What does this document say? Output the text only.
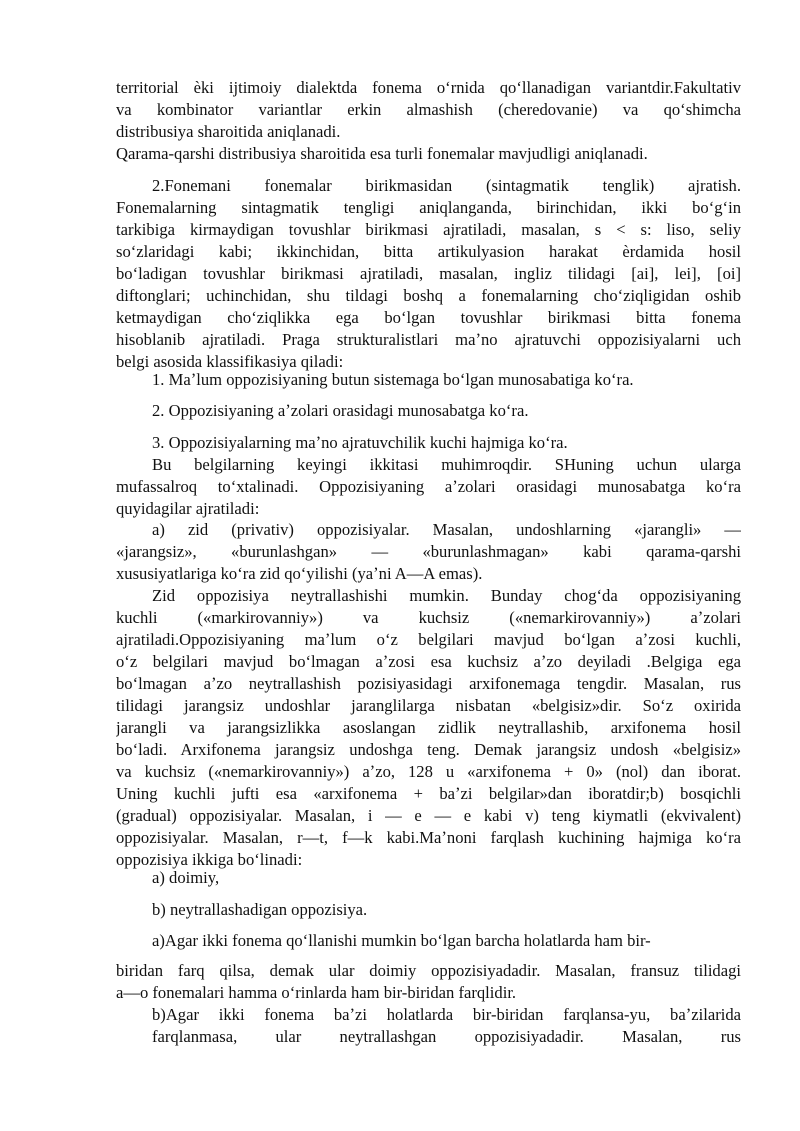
territorial èki ijtimoiy dialektda fonema oʻrnida qoʻllanadigan variantdir.Fakultativ
va kombinator variantlar erkin almashish (cheredovanie) va qoʻshimcha
distribusiya sharoitida aniqlanadi.
Qarama-qarshi distribusiya sharoitida esa turli fonemalar mavjudligi aniqlanadi.
2.Fonemani fonemalar birikmasidan (sintagmatik tenglik) ajratish.
Fonemalarning sintagmatik tengligi aniqlanganda, birinchidan, ikki boʻgʻin
tarkibiga kirmaydigan tovushlar birikmasi ajratiladi, masalan, s < s: liso, seliy
soʻzlaridagi kabi; ikkinchidan, bitta artikulyasion harakat èrdamida hosil
boʻladigan tovushlar birikmasi ajratiladi, masalan, ingliz tilidagi [ai], lei], [oi]
diftonglari; uchinchidan, shu tildagi boshq a fonemalarning choʻziqligidan oshib
ketmaydigan choʻziqlikka ega boʻlgan tovushlar birikmasi bitta fonema
hisoblanib ajratiladi. Praga strukturalistlari maʼno ajratuvchi oppozisiyalarni uch
belgi asosida klassifikasiya qiladi:
1. Maʼlum oppozisiyaning butun sistemaga boʻlgan munosabatiga koʻra.
2. Oppozisiyaning aʼzolari orasidagi munosabatga koʻra.
3. Oppozisiyalarning maʼno ajratuvchilik kuchi hajmiga koʻra.
Bu belgilarning keyingi ikkitasi muhimroqdir. SHuning uchun ularga
mufassalroq toʻxtalinadi. Oppozisiyaning aʼzolari orasidagi munosabatga koʻra
quyidagilar ajratiladi:
a) zid (privativ) oppozisiyalar. Masalan, undoshlarning «jarangli» —
«jarangsiz», «burunlashgan» — «burunlashmagan» kabi qarama-qarshi
xususiyatlariga koʻra zid qoʻyilishi (yaʼni A—A emas).
Zid oppozisiya neytrallashishi mumkin. Bunday chogʻda oppozisiyaning
kuchli («markirovanniy») va kuchsiz («nemarkirovanniy») aʼzolari
ajratiladi.Oppozisiyaning maʼlum oʻz belgilari mavjud boʻlgan aʼzosi kuchli,
oʻz belgilari mavjud boʻlmagan aʼzosi esa kuchsiz aʼzo deyiladi .Belgiga ega
boʻlmagan aʼzo neytrallashish pozisiyasidagi arxifonemaga tengdir. Masalan, rus
tilidagi jarangsiz undoshlar jaranglilarga nisbatan «belgisiz»dir. Soʻz oxirida
jarangli va jarangsizlikka asoslangan zidlik neytrallashib, arxifonema hosil
boʻladi. Arxifonema jarangsiz undoshga teng. Demak jarangsiz undosh «belgisiz»
va kuchsiz («nemarkirovanniy») aʼzo, 128 u «arxifonema + 0» (nol) dan iborat.
Uning kuchli jufti esa «arxifonema + baʼzi belgilar»dan iboratdir;b) bosqichli
(gradual) oppozisiyalar. Masalan, i — e — e kabi v) teng kiymatli (ekvivalent)
oppozisiyalar. Masalan, r—t, f—k kabi.Maʼnoni farqlash kuchining hajmiga koʻra
oppozisiya ikkiga boʻlinadi:
a) doimiy,
b) neytrallashadigan oppozisiya.
a)Agar ikki fonema qoʻllanishi mumkin boʻlgan barcha holatlarda ham bir-
biridan farq qilsa, demak ular doimiy oppozisiyadadir. Masalan, fransuz tilidagi
a—o fonemalari hamma oʻrinlarda ham bir-biridan farqlidir.
b)Agar ikki fonema baʼzi holatlarda bir-biridan farqlansa-yu, baʼzilarida
farqlanmasa, ular neytrallashgan oppozisiyadadir. Masalan, rus
